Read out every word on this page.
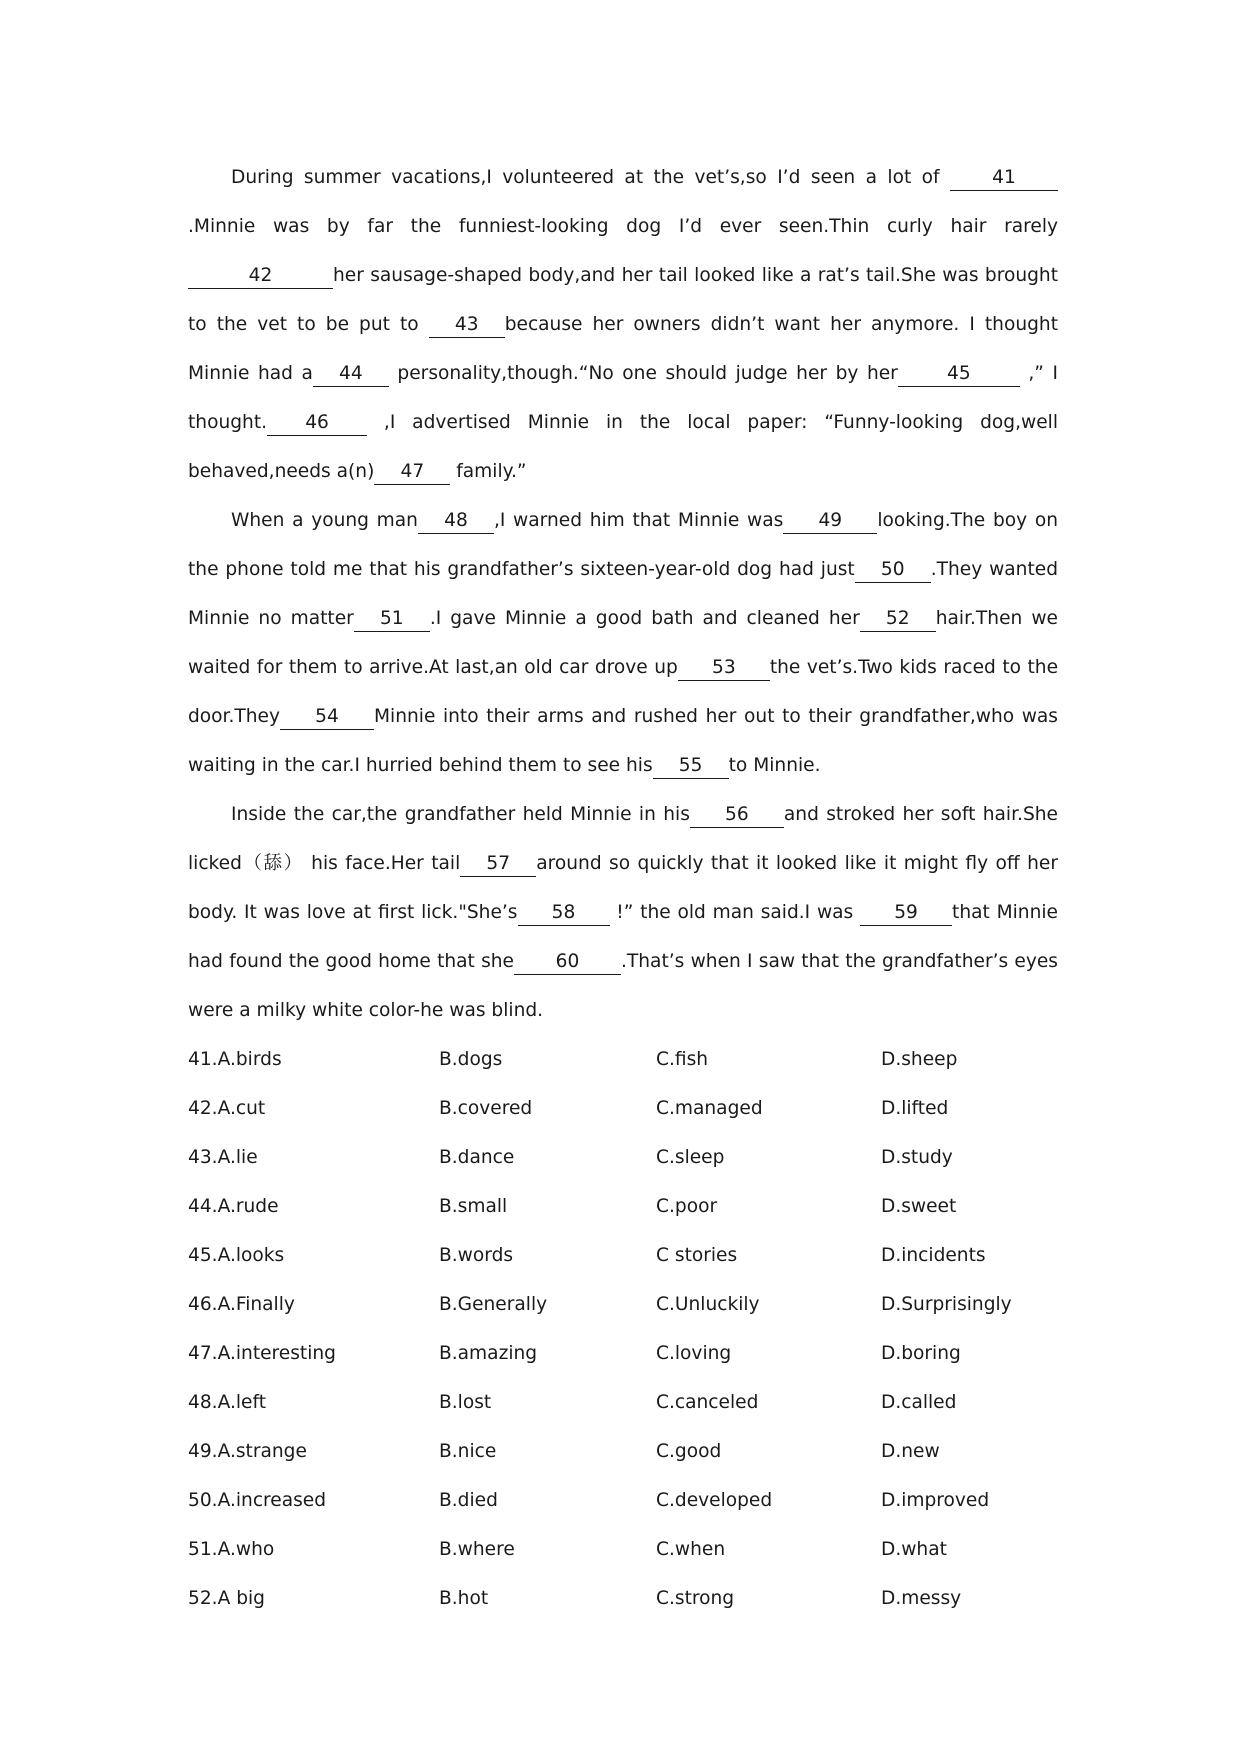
During summer vacations,I volunteered at the vet’s,so I’d seen a lot of 41.Minnie was by far the funniest-looking dog I’d ever seen.Thin curly hair rarely42	her sausage-shaped body,and her tail looked like a rat’s tail.She was brought to the vet to be put to 43 because her owners didn’t want her anymore. I thought Minnie had a 44 personality,though.“No one should judge her by her	45	,” I thought. 46 ,I advertised Minnie in the local paper: “Funny-looking dog,well behaved,needs a(n) 47 family.”

When a young man 48 ,I warned him that Minnie was 49 looking.The boy on the phone told me that his grandfather’s sixteen-year-old dog had just 50 .They wanted Minnie no matter 51 .I gave Minnie a good bath and cleaned her 52 hair.Then we waited for them to arrive.At last,an old car drove up 53 the vet’s.Two kids raced to the door.They 54 Minnie into their arms and rushed her out to their grandfather,who was waiting in the car.I hurried behind them to see his 55 to Minnie.

Inside the car,the grandfather held Minnie in his 56 and stroked her soft hair.She licked（舔） his face.Her tail 57 around so quickly that it looked like it might fly off her body. It was love at first lick."She’s 58 !” the old man said.I was 59 that Minnie had found the good home that she 60 .That’s when I saw that the grandfather’s eyes were a milky white color-he was blind.

41.A.birds	B.dogs	C.fish	D.sheep
42.A.cut	B.covered	C.managed	D.lifted
43.A.lie	B.dance	C.sleep	D.study
44.A.rude	B.small	C.poor	D.sweet
45.A.looks	B.words	C stories	D.incidents
46.A.Finally	B.Generally	C.Unluckily	D.Surprisingly
47.A.interesting	B.amazing	C.loving	D.boring
48.A.left	B.lost	C.canceled	D.called
49.A.strange	B.nice	C.good	D.new
50.A.increased	B.died	C.developed	D.improved
51.A.who	B.where	C.when	D.what
52.A big	B.hot	C.strong	D.messy
